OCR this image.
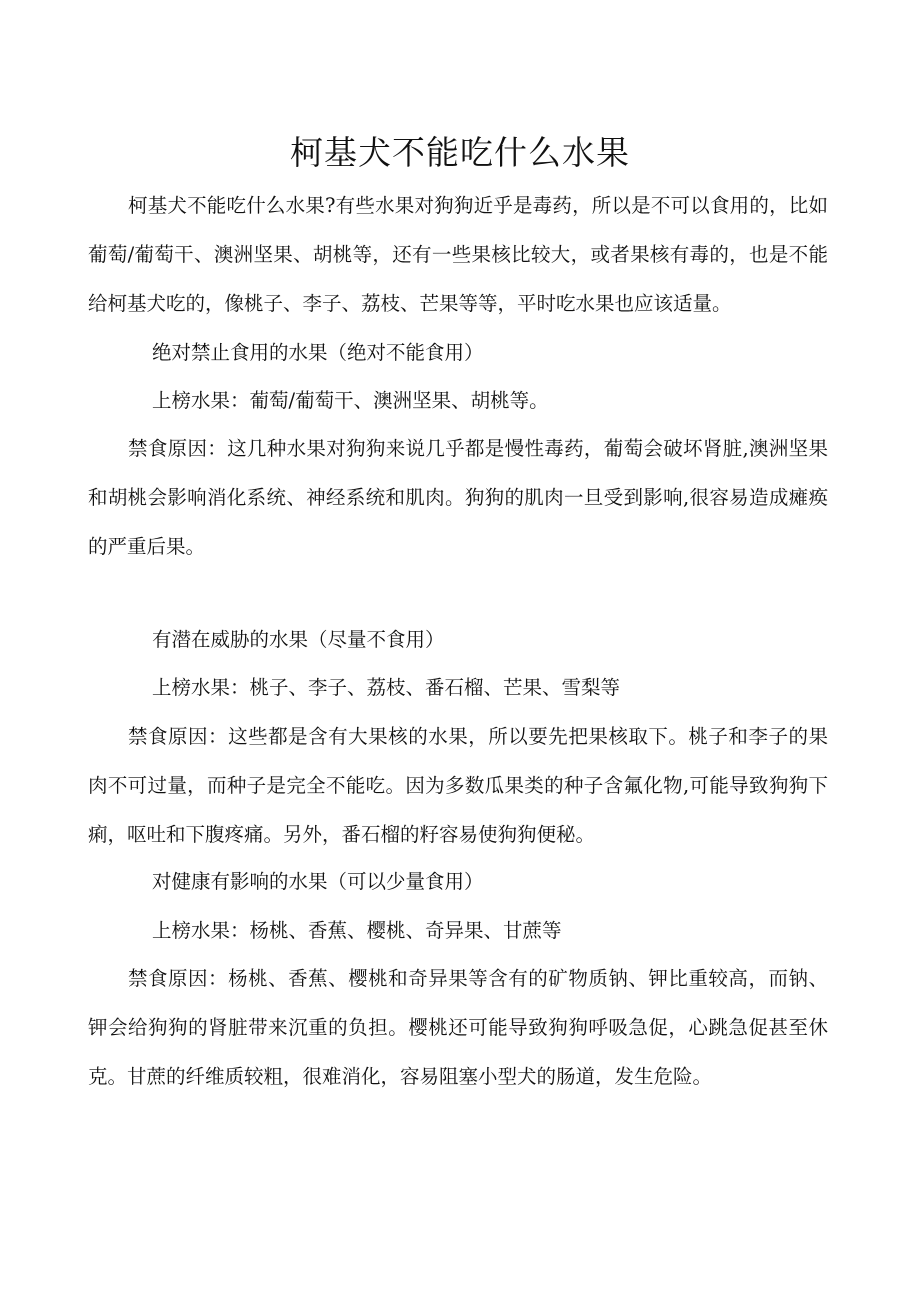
柯基犬不能吃什么水果

柯基犬不能吃什么水果?有些水果对狗狗近乎是毒药，所以是不可以食用的，比如葡萄/葡萄干、澳洲坚果、胡桃等，还有一些果核比较大，或者果核有毒的，也是不能给柯基犬吃的，像桃子、李子、荔枝、芒果等等，平时吃水果也应该适量。

绝对禁止食用的水果（绝对不能食用）

上榜水果：葡萄/葡萄干、澳洲坚果、胡桃等。

禁食原因：这几种水果对狗狗来说几乎都是慢性毒药，葡萄会破坏肾脏,澳洲坚果和胡桃会影响消化系统、神经系统和肌肉。狗狗的肌肉一旦受到影响,很容易造成瘫痪的严重后果。

有潜在威胁的水果（尽量不食用）

上榜水果：桃子、李子、荔枝、番石榴、芒果、雪梨等

禁食原因：这些都是含有大果核的水果，所以要先把果核取下。桃子和李子的果肉不可过量，而种子是完全不能吃。因为多数瓜果类的种子含氟化物,可能导致狗狗下痢，呕吐和下腹疼痛。另外，番石榴的籽容易使狗狗便秘。

对健康有影响的水果（可以少量食用）

上榜水果：杨桃、香蕉、樱桃、奇异果、甘蔗等

禁食原因：杨桃、香蕉、樱桃和奇异果等含有的矿物质钠、钾比重较高，而钠、钾会给狗狗的肾脏带来沉重的负担。樱桃还可能导致狗狗呼吸急促，心跳急促甚至休克。甘蔗的纤维质较粗，很难消化，容易阻塞小型犬的肠道，发生危险。
